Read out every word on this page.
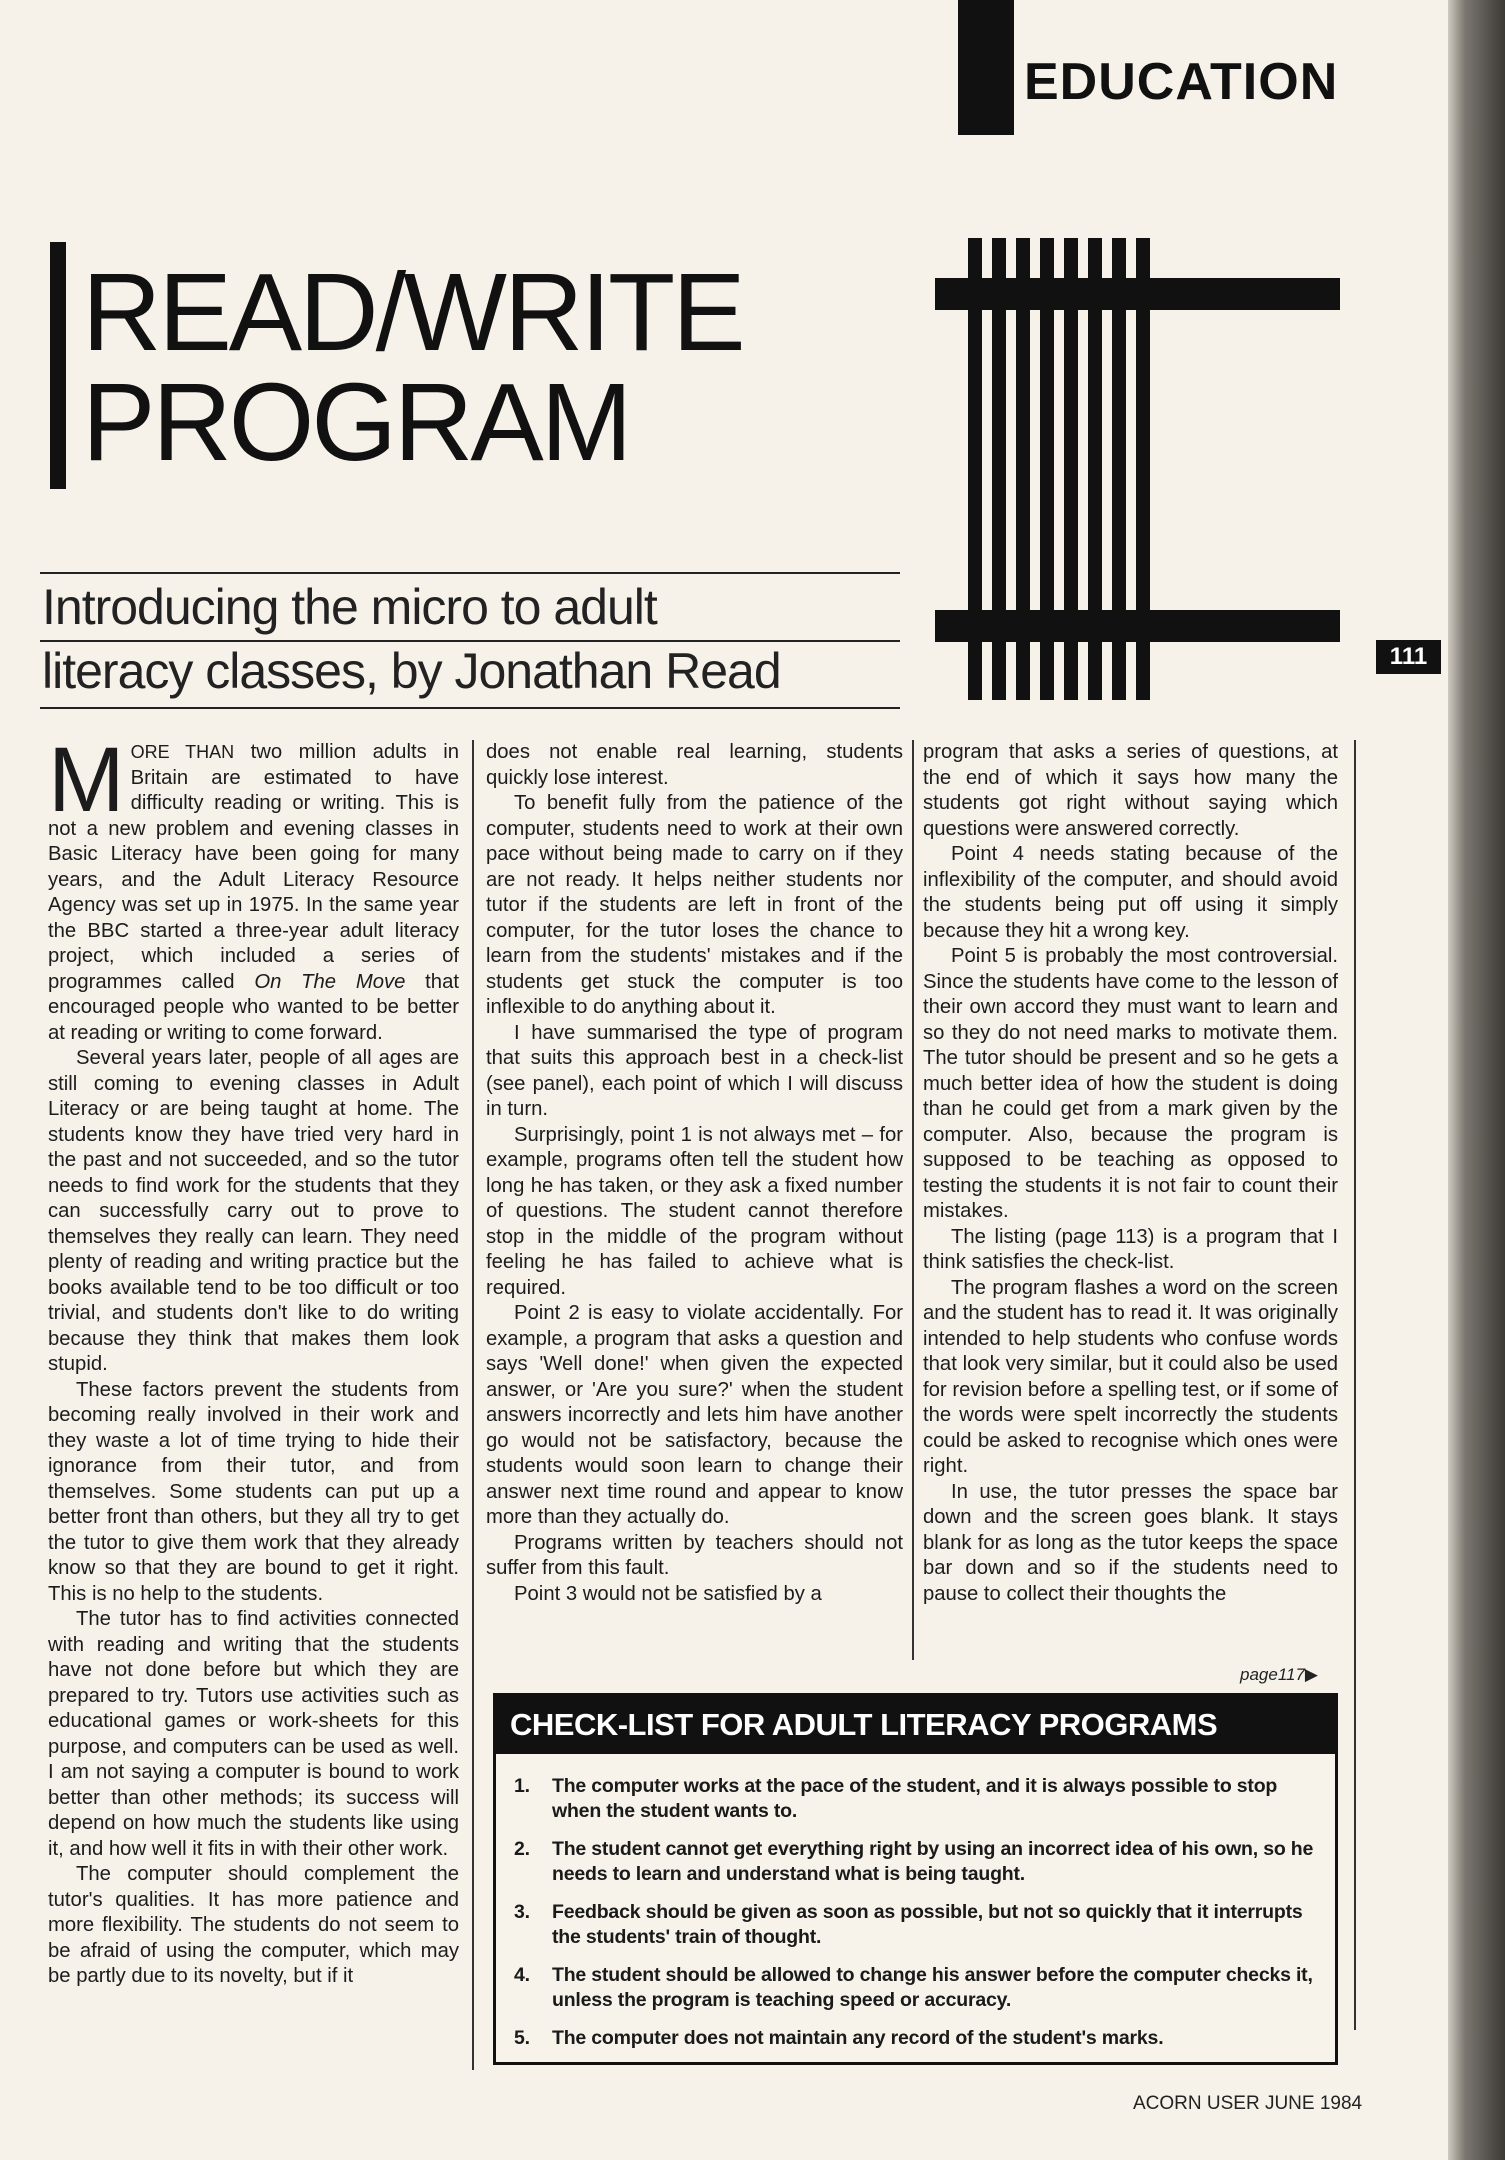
EDUCATION
READ/WRITE
PROGRAM
Introducing the micro to adult
literacy classes, by Jonathan Read	111

MORE THAN two million adults in Britain are estimated to have difficulty reading or writing. This is not a new problem and evening classes in Basic Literacy have been going for many years, and the Adult Literacy Resource Agency was set up in 1975. In the same year the BBC started a three-year adult literacy project, which included a series of programmes called On The Move that encouraged people who wanted to be better at reading or writing to come forward.

Several years later, people of all ages are still coming to evening classes in Adult Literacy or are being taught at home. The students know they have tried very hard in the past and not succeeded, and so the tutor needs to find work for the students that they can successfully carry out to prove to themselves they really can learn. They need plenty of reading and writing practice but the books available tend to be too difficult or too trivial, and students don't like to do writing because they think that makes them look stupid.

These factors prevent the students from becoming really involved in their work and they waste a lot of time trying to hide their ignorance from their tutor, and from themselves. Some students can put up a better front than others, but they all try to get the tutor to give them work that they already know so that they are bound to get it right. This is no help to the students.

The tutor has to find activities connected with reading and writing that the students have not done before but which they are prepared to try. Tutors use activities such as educational games or work-sheets for this purpose, and computers can be used as well. I am not saying a computer is bound to work better than other methods; its success will depend on how much the students like using it, and how well it fits in with their other work.

The computer should complement the tutor's qualities. It has more patience and more flexibility. The students do not seem to be afraid of using the computer, which may be partly due to its novelty, but if it

does not enable real learning, students quickly lose interest.

To benefit fully from the patience of the computer, students need to work at their own pace without being made to carry on if they are not ready. It helps neither students nor tutor if the students are left in front of the computer, for the tutor loses the chance to learn from the students' mistakes and if the students get stuck the computer is too inflexible to do anything about it.

I have summarised the type of program that suits this approach best in a check-list (see panel), each point of which I will discuss in turn.

Surprisingly, point 1 is not always met – for example, programs often tell the student how long he has taken, or they ask a fixed number of questions. The student cannot therefore stop in the middle of the program without feeling he has failed to achieve what is required.

Point 2 is easy to violate accidentally. For example, a program that asks a question and says 'Well done!' when given the expected answer, or 'Are you sure?' when the student answers incorrectly and lets him have another go would not be satisfactory, because the students would soon learn to change their answer next time round and appear to know more than they actually do.

Programs written by teachers should not suffer from this fault.

Point 3 would not be satisfied by a

program that asks a series of questions, at the end of which it says how many the students got right without saying which questions were answered correctly.

Point 4 needs stating because of the inflexibility of the computer, and should avoid the students being put off using it simply because they hit a wrong key.

Point 5 is probably the most controversial. Since the students have come to the lesson of their own accord they must want to learn and so they do not need marks to motivate them. The tutor should be present and so he gets a much better idea of how the student is doing than he could get from a mark given by the computer. Also, because the program is supposed to be teaching as opposed to testing the students it is not fair to count their mistakes.

The listing (page 113) is a program that I think satisfies the check-list.

The program flashes a word on the screen and the student has to read it. It was originally intended to help students who confuse words that look very similar, but it could also be used for revision before a spelling test, or if some of the words were spelt incorrectly the students could be asked to recognise which ones were right.

In use, the tutor presses the space bar down and the screen goes blank. It stays blank for as long as the tutor keeps the space bar down and so if the students need to pause to collect their thoughts the

page117▶
CHECK-LIST FOR ADULT LITERACY PROGRAMS
1.	The computer works at the pace of the student, and it is always possible to stop when the student wants to.
2.	The student cannot get everything right by using an incorrect idea of his own, so he needs to learn and understand what is being taught.
3.	Feedback should be given as soon as possible, but not so quickly that it interrupts the students' train of thought.
4.	The student should be allowed to change his answer before the computer checks it, unless the program is teaching speed or accuracy.
5.	The computer does not maintain any record of the student's marks.
ACORN USER JUNE 1984
